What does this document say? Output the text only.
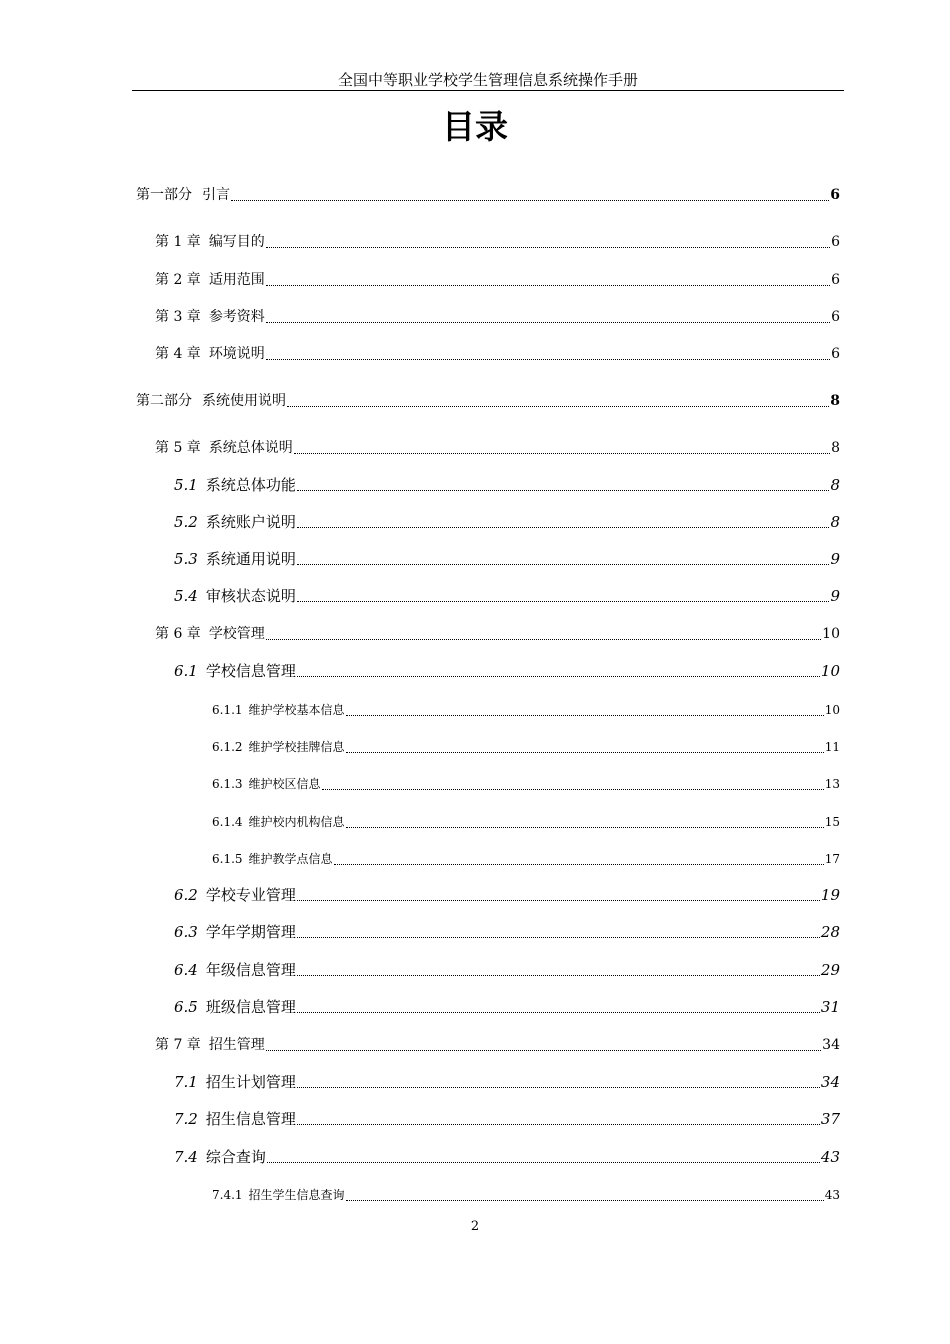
全国中等职业学校学生管理信息系统操作手册
目录
第一部分 引言	6
第 1 章 编写目的	6
第 2 章 适用范围	6
第 3 章 参考资料	6
第 4 章 环境说明	6
第二部分 系统使用说明	8
第 5 章 系统总体说明	8
5.1 系统总体功能	8
5.2 系统账户说明	8
5.3 系统通用说明	9
5.4 审核状态说明	9
第 6 章 学校管理	10
6.1 学校信息管理	10
6.1.1 维护学校基本信息	10
6.1.2 维护学校挂牌信息	11
6.1.3 维护校区信息	13
6.1.4 维护校内机构信息	15
6.1.5 维护教学点信息	17
6.2 学校专业管理	19
6.3 学年学期管理	28
6.4 年级信息管理	29
6.5 班级信息管理	31
第 7 章 招生管理	34
7.1 招生计划管理	34
7.2 招生信息管理	37
7.4 综合查询	43
7.4.1 招生学生信息查询	43
2
